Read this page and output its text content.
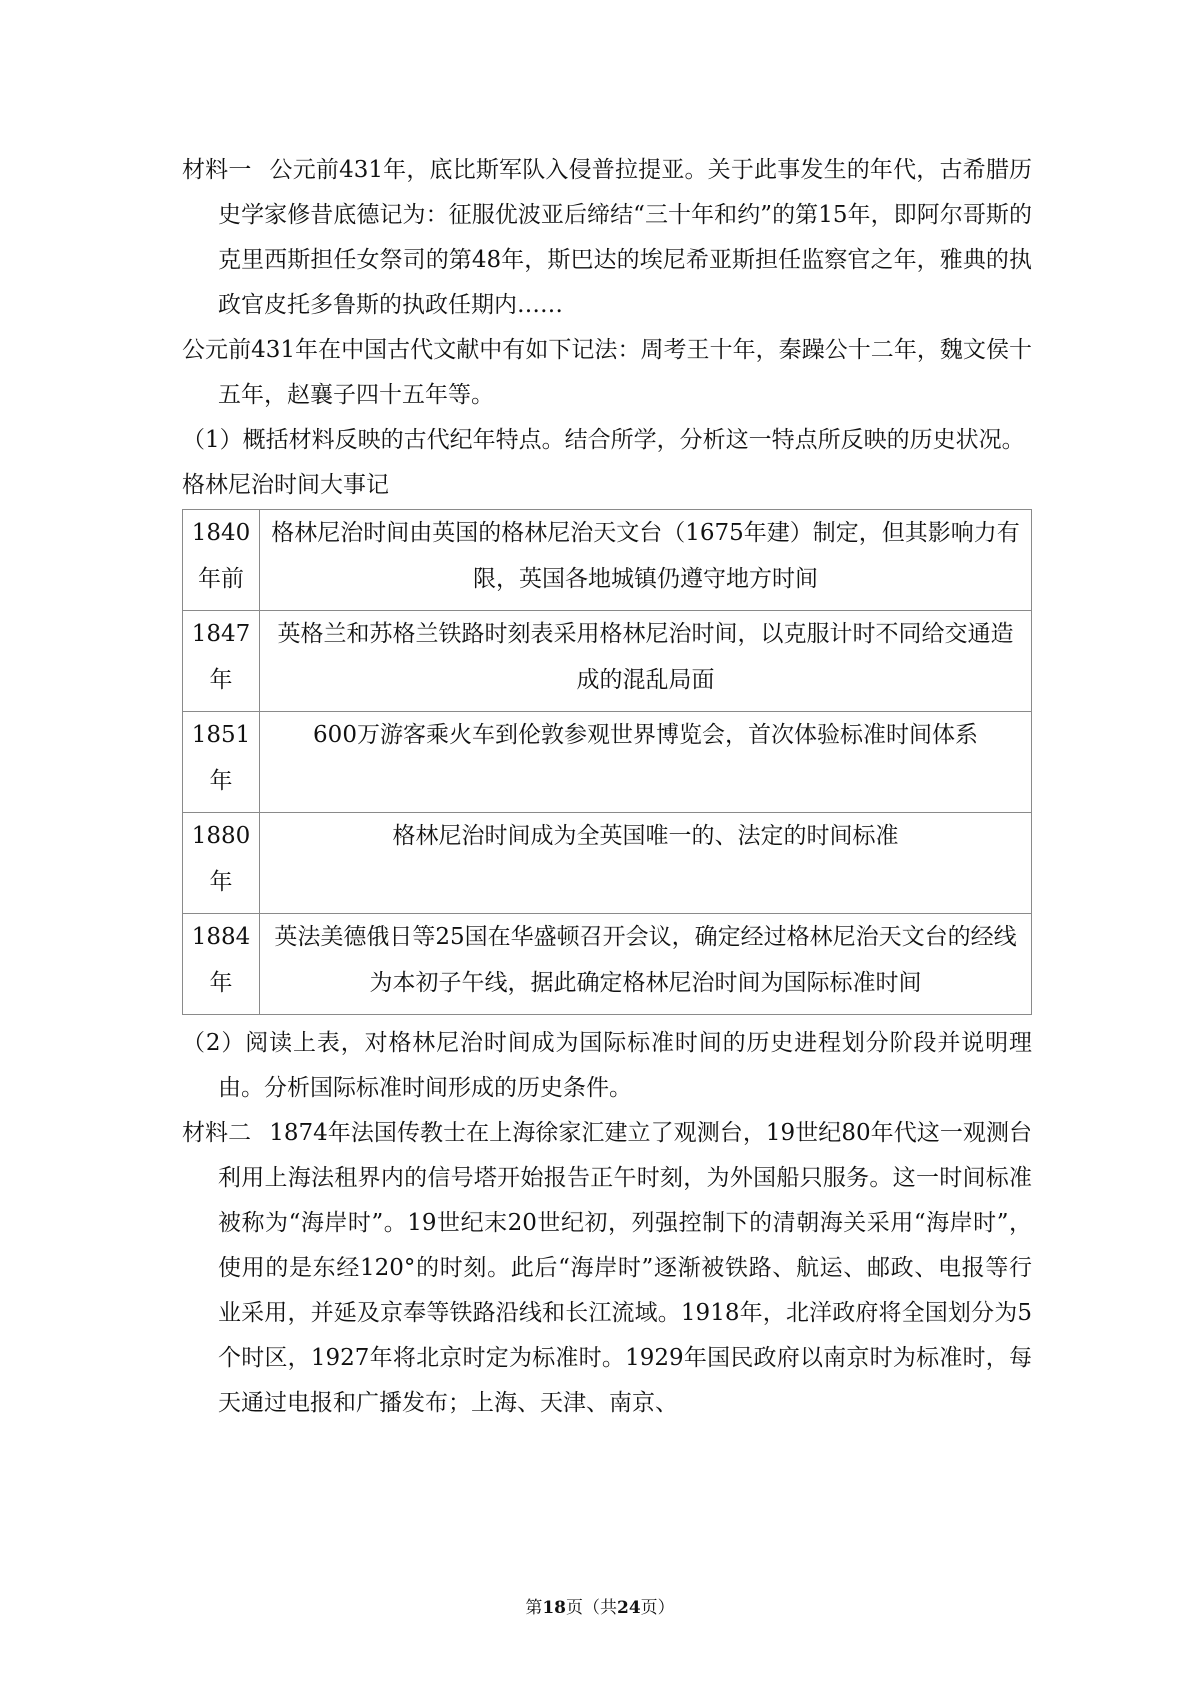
材料一 公元前431年，底比斯军队入侵普拉提亚。关于此事发生的年代，古希腊历史学家修昔底德记为：征服优波亚后缔结“三十年和约”的第15年，即阿尔哥斯的克里西斯担任女祭司的第48年，斯巴达的埃尼希亚斯担任监察官之年，雅典的执政官皮托多鲁斯的执政任期内……

公元前431年在中国古代文献中有如下记法：周考王十年，秦躁公十二年，魏文侯十五年，赵襄子四十五年等。

（1）概括材料反映的古代纪年特点。结合所学，分析这一特点所反映的历史状况。

格林尼治时间大事记

1840年前	格林尼治时间由英国的格林尼治天文台（1675年建）制定，但其影响力有限，英国各地城镇仍遵守地方时间
1847年	英格兰和苏格兰铁路时刻表采用格林尼治时间，以克服计时不同给交通造成的混乱局面
1851年	600万游客乘火车到伦敦参观世界博览会，首次体验标准时间体系
1880年	格林尼治时间成为全英国唯一的、法定的时间标准
1884年	英法美德俄日等25国在华盛顿召开会议，确定经过格林尼治天文台的经线为本初子午线，据此确定格林尼治时间为国际标准时间

（2）阅读上表，对格林尼治时间成为国际标准时间的历史进程划分阶段并说明理由。分析国际标准时间形成的历史条件。

材料二 1874年法国传教士在上海徐家汇建立了观测台，19世纪80年代这一观测台利用上海法租界内的信号塔开始报告正午时刻，为外国船只服务。这一时间标准被称为“海岸时”。19世纪末20世纪初，列强控制下的清朝海关采用“海岸时”，使用的是东经120°的时刻。此后“海岸时”逐渐被铁路、航运、邮政、电报等行业采用，并延及京奉等铁路沿线和长江流域。1918年，北洋政府将全国划分为5个时区，1927年将北京时定为标准时。1929年国民政府以南京时为标准时，每天通过电报和广播发布；上海、天津、南京、

第18页（共24页）
